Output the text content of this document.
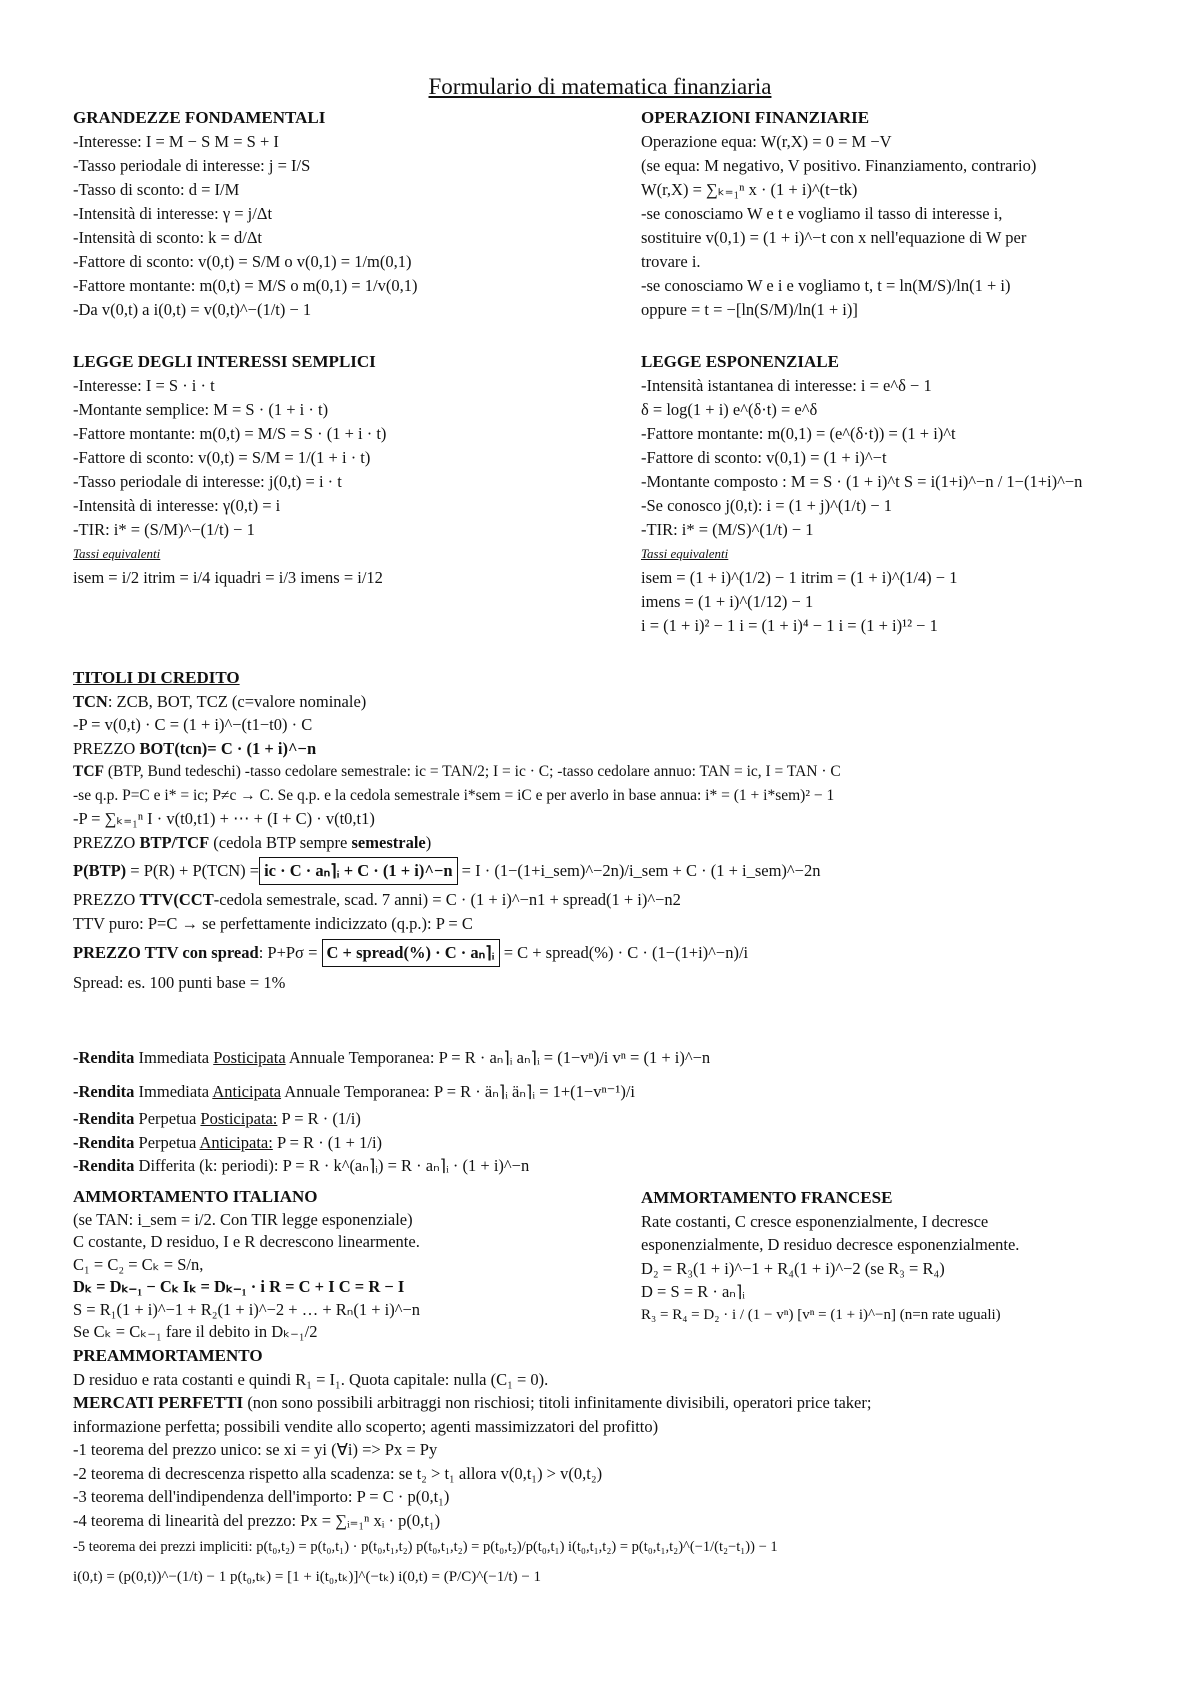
Formulario di matematica finanziaria
GRANDEZZE FONDAMENTALI
-Interesse: I = M − S M = S + I
-Tasso periodale di interesse: j = I/S
-Tasso di sconto: d = I/M
-Intensità di interesse: γ = j/Δt
-Intensità di sconto: k = d/Δt
-Fattore di sconto: v(0,t) = S/M o v(0,1) = 1/m(0,1)
-Fattore montante: m(0,t) = M/S o m(0,1) = 1/v(0,1)
-Da v(0,t) a i(0,t) = v(0,t)^−(1/t) − 1
OPERAZIONI FINANZIARIE
Operazione equa: W(r,X) = 0 = M −V
(se equa: M negativo, V positivo. Finanziamento, contrario)
W(r,X) = ∑ₖ₌₁ⁿ x · (1 + i)^(t−tk)
-se conosciamo W e t e vogliamo il tasso di interesse i,
sostituire v(0,1) = (1 + i)^−t con x nell'equazione di W per
trovare i.
-se conosciamo W e i e vogliamo t, t = ln(M/S)/ln(1 + i)
oppure = t = −[ln(S/M)/ln(1 + i)]
LEGGE DEGLI INTERESSI SEMPLICI
-Interesse: I = S · i · t
-Montante semplice: M = S · (1 + i · t)
-Fattore montante: m(0,t) = M/S = S · (1 + i · t)
-Fattore di sconto: v(0,t) = S/M = 1/(1 + i · t)
-Tasso periodale di interesse: j(0,t) = i · t
-Intensità di interesse: γ(0,t) = i
-TIR: i* = (S/M)^−(1/t) − 1
Tassi equivalenti
isem = i/2 itrim = i/4 iquadri = i/3 imens = i/12
LEGGE ESPONENZIALE
-Intensità istantanea di interesse: i = e^δ − 1
δ = log(1 + i) e^(δ·t) = e^δ
-Fattore montante: m(0,1) = (e^(δ·t)) = (1 + i)^t
-Fattore di sconto: v(0,1) = (1 + i)^−t
-Montante composto : M = S · (1 + i)^t S = i(1+i)^−n / 1−(1+i)^−n
-Se conosco j(0,t): i = (1 + j)^(1/t) − 1
-TIR: i* = (M/S)^(1/t) − 1
Tassi equivalenti
isem = (1 + i)^(1/2) − 1 itrim = (1 + i)^(1/4) − 1
imens = (1 + i)^(1/12) − 1
i = (1 + i)² − 1 i = (1 + i)⁴ − 1 i = (1 + i)¹² − 1
TITOLI DI CREDITO
TCN: ZCB, BOT, TCZ (c=valore nominale)
-P = v(0,t) · C = (1 + i)^−(t1−t0) · C
PREZZO BOT(tcn)= C · (1 + i)^−n
TCF (BTP, Bund tedeschi) -tasso cedolare semestrale: ic = TAN/2; I = ic · C; -tasso cedolare annuo: TAN = ic, I = TAN · C
-se q.p. P=C e i* = ic; P≠c → C. Se q.p. e la cedola semestrale i*sem = iC e per averlo in base annua: i* = (1 + i*sem)² − 1
-P = ∑ₖ₌₁ⁿ I · v(t0,t1) + ⋯ + (I + C) · v(t0,t1)
PREZZO BTP/TCF (cedola BTP sempre semestrale)
P(BTP) = P(R) + P(TCN) = ic · C · aₙ⌉ᵢ + C · (1 + i)^−n = I · (1−(1+i_sem)^−2n)/i_sem + C · (1 + i_sem)^−2n
PREZZO TTV(CCT-cedola semestrale, scad. 7 anni) = C · (1 + i)^−n1 + spread(1 + i)^−n2
TTV puro: P=C → se perfettamente indicizzato (q.p.): P = C
PREZZO TTV con spread: P+Pσ = C + spread(%) · C · aₙ⌉ᵢ = C + spread(%) · C · (1−(1+i)^−n)/i
Spread: es. 100 punti base = 1%
-Rendita Immediata Posticipata Annuale Temporanea: P = R · aₙ⌉ᵢ aₙ⌉ᵢ = (1−vⁿ)/i vⁿ = (1 + i)^−n
-Rendita Immediata Anticipata Annuale Temporanea: P = R · äₙ⌉ᵢ äₙ⌉ᵢ = 1+(1−vⁿ⁻¹)/i
-Rendita Perpetua Posticipata: P = R · (1/i)
-Rendita Perpetua Anticipata: P = R · (1 + 1/i)
-Rendita Differita (k: periodi): P = R · k^(aₙ⌉ᵢ) = R · aₙ⌉ᵢ · (1 + i)^−n
AMMORTAMENTO ITALIANO
(se TAN: i_sem = i/2. Con TIR legge esponenziale)
C costante, D residuo, I e R decrescono linearmente.
C₁ = C₂ = Cₖ = S/n,
Dₖ = Dₖ₋₁ − Cₖ Iₖ = Dₖ₋₁ · i R = C + I C = R − I
S = R₁(1 + i)^−1 + R₂(1 + i)^−2 + … + Rₙ(1 + i)^−n
Se Cₖ = Cₖ₋₁ fare il debito in Dₖ₋₁/2
AMMORTAMENTO FRANCESE
Rate costanti, C cresce esponenzialmente, I decresce
esponenzialmente, D residuo decresce esponenzialmente.
D₂ = R₃(1 + i)^−1 + R₄(1 + i)^−2 (se R₃ = R₄)
D = S = R · aₙ⌉ᵢ
R₃ = R₄ = D₂ · i / (1 − vⁿ) [vⁿ = (1 + i)^−n] (n=n rate uguali)
PREAMMORTAMENTO
D residuo e rata costanti e quindi R₁ = I₁. Quota capitale: nulla (C₁ = 0).
MERCATI PERFETTI (non sono possibili arbitraggi non rischiosi; titoli infinitamente divisibili, operatori price taker;
informazione perfetta; possibili vendite allo scoperto; agenti massimizzatori del profitto)
-1 teorema del prezzo unico: se xi = yi (∀i) => Px = Py
-2 teorema di decrescenza rispetto alla scadenza: se t₂ > t₁ allora v(0,t₁) > v(0,t₂)
-3 teorema dell'indipendenza dell'importo: P = C · p(0,t₁)
-4 teorema di linearità del prezzo: Px = ∑ᵢ₌₁ⁿ xᵢ · p(0,t₁)
-5 teorema dei prezzi impliciti: p(t₀,t₂) = p(t₀,t₁) · p(t₀,t₁,t₂) p(t₀,t₁,t₂) = p(t₀,t₂)/p(t₀,t₁) i(t₀,t₁,t₂) = p(t₀,t₁,t₂)^(−1/(t₂−t₁)) − 1
i(0,t) = (p(0,t))^−(1/t) − 1 p(t₀,tₖ) = [1 + i(t₀,tₖ)]^(−tₖ) i(0,t) = (P/C)^(−1/t) − 1
